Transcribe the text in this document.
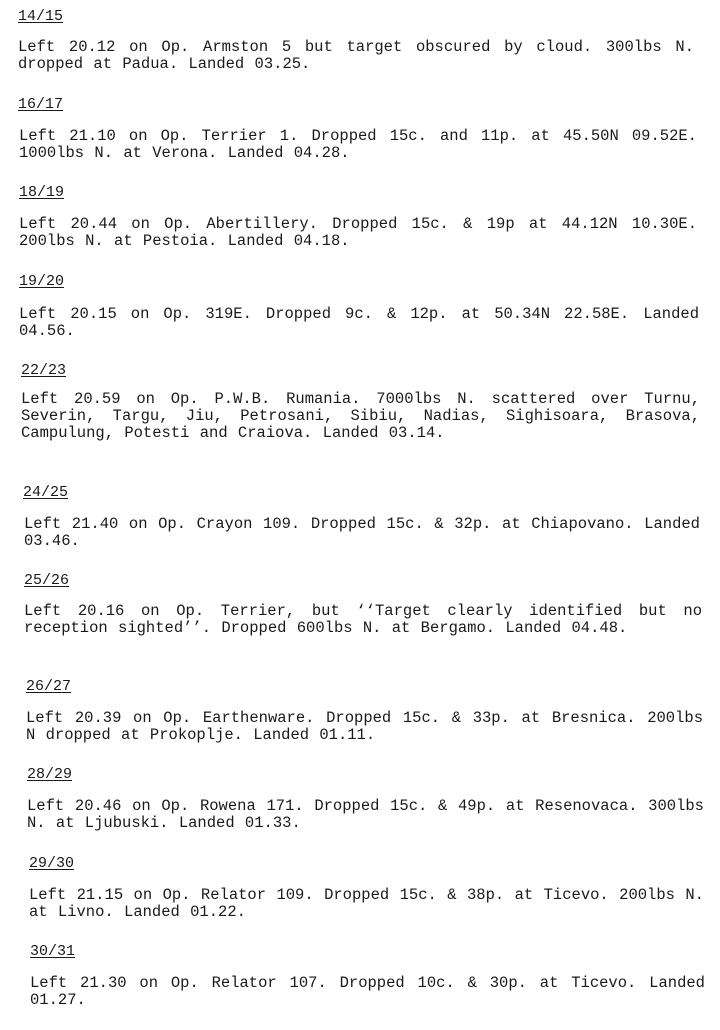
14/15
Left 20.12 on Op. Armston 5 but target obscured by cloud. 300lbs N. dropped at Padua. Landed 03.25.
16/17
Left 21.10 on Op. Terrier 1. Dropped 15c. and 11p. at 45.50N 09.52E. 1000lbs N. at Verona. Landed 04.28.
18/19
Left 20.44 on Op. Abertillery. Dropped 15c. & 19p at 44.12N 10.30E. 200lbs N. at Pestoia. Landed 04.18.
19/20
Left 20.15 on Op. 319E. Dropped 9c. & 12p. at 50.34N 22.58E. Landed 04.56.
22/23
Left 20.59 on Op. P.W.B. Rumania. 7000lbs N. scattered over Turnu, Severin, Targu, Jiu, Petrosani, Sibiu, Nadias, Sighisoara, Brasova, Campulung, Potesti and Craiova. Landed 03.14.
24/25
Left 21.40 on Op. Crayon 109. Dropped 15c. & 32p. at Chiapovano. Landed 03.46.
25/26
Left 20.16 on Op. Terrier, but ‘‘Target clearly identified but no reception sighted’’. Dropped 600lbs N. at Bergamo. Landed 04.48.
26/27
Left 20.39 on Op. Earthenware. Dropped 15c. & 33p. at Bresnica. 200lbs N dropped at Prokoplje. Landed 01.11.
28/29
Left 20.46 on Op. Rowena 171. Dropped 15c. & 49p. at Resenovaca. 300lbs N. at Ljubuski. Landed 01.33.
29/30
Left 21.15 on Op. Relator 109. Dropped 15c. & 38p. at Ticevo. 200lbs N. at Livno. Landed 01.22.
30/31
Left 21.30 on Op. Relator 107. Dropped 10c. & 30p. at Ticevo. Landed 01.27.
